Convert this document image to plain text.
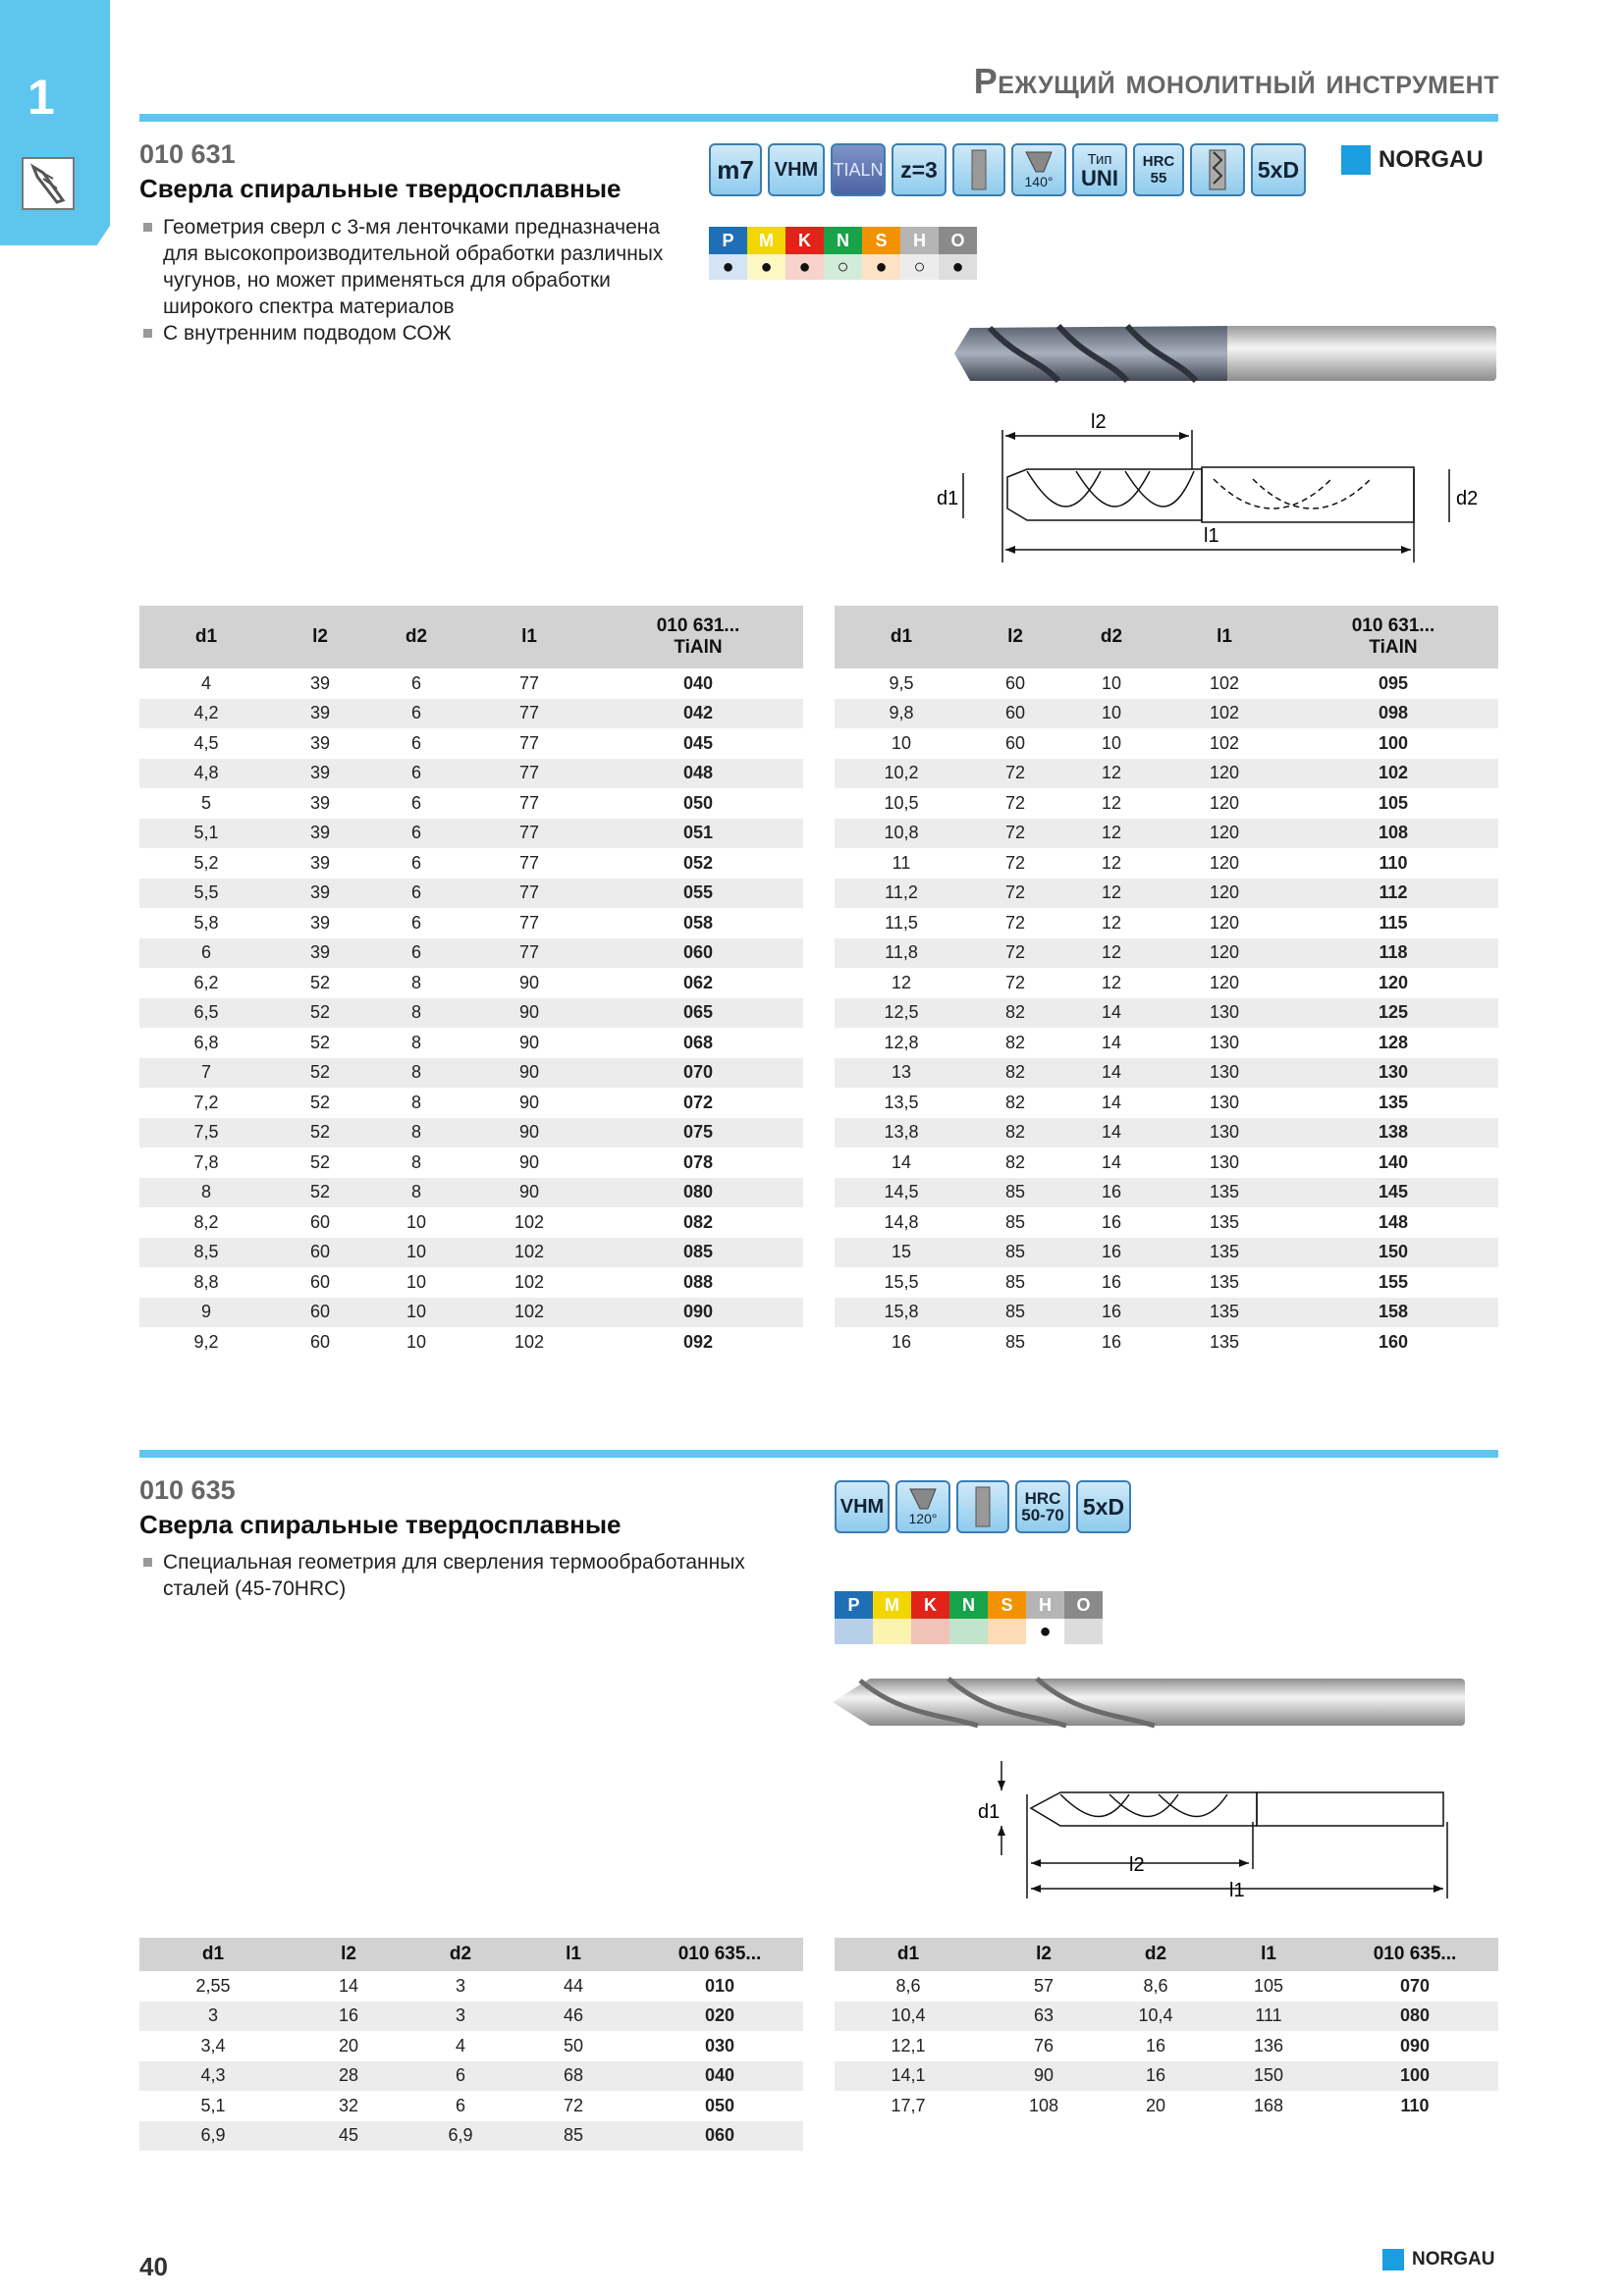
1	Режущий монолитный инструмент
010 631
Сверла спиральные твердосплавные
Геометрия сверл с 3-мя ленточками предназначена для высокопроизводительной обработки различных чугунов, но может применяться для обработки широкого спектра материалов
С внутренним подводом СОЖ
m7	VHM TIALN z=3	140°
Тип
UNI
HRC
55	5xD	NORGAU
P
●
M
●
K
●
N
○
S
●
H
○
O
●
l2
d1	d2
l1
d1	l2	d2	l1	010 631...
TiAlN

4	39	6	77	040
4,2	39	6	77	042
4,5	39	6	77	045
4,8	39	6	77	048
5	39	6	77	050
5,1	39	6	77	051
5,2	39	6	77	052
5,5	39	6	77	055
5,8	39	6	77	058
6	39	6	77	060
6,2	52	8	90	062
6,5	52	8	90	065
6,8	52	8	90	068
7	52	8	90	070
7,2	52	8	90	072
7,5	52	8	90	075
7,8	52	8	90	078
8	52	8	90	080
8,2	60	10	102	082
8,5	60	10	102	085
8,8	60	10	102	088
9	60	10	102	090
9,2	60	10	102	092
d1	l2	d2	l1	010 631...
TiAlN

9,5	60	10	102	095
9,8	60	10	102	098
10	60	10	102	100
10,2	72	12	120	102
10,5	72	12	120	105
10,8	72	12	120	108
11	72	12	120	110
11,2	72	12	120	112
11,5	72	12	120	115
11,8	72	12	120	118
12	72	12	120	120
12,5	82	14	130	125
12,8	82	14	130	128
13	82	14	130	130
13,5	82	14	130	135
13,8	82	14	130	138
14	82	14	130	140
14,5	85	16	135	145
14,8	85	16	135	148
15	85	16	135	150
15,5	85	16	135	155
15,8	85	16	135	158
16	85	16	135	160
010 635
Сверла спиральные твердосплавные
Специальная геометрия для сверления термообработанных сталей (45-70HRC)
VHM
120°
HRC
50-70 5xD
P	M	K	N	S	H
●
O
d1
l2
l1
d1	l2	d2	l1	010 635...
2,55	14	3	44	010
3	16	3	46	020
3,4	20	4	50	030
4,3	28	6	68	040
5,1	32	6	72	050
6,9	45	6,9	85	060
d1	l2	d2	l1	010 635...
8,6	57	8,6	105	070
10,4	63	10,4	111	080
12,1	76	16	136	090
14,1	90	16	150	100
17,7	108	20	168	110
40	NORGAU
